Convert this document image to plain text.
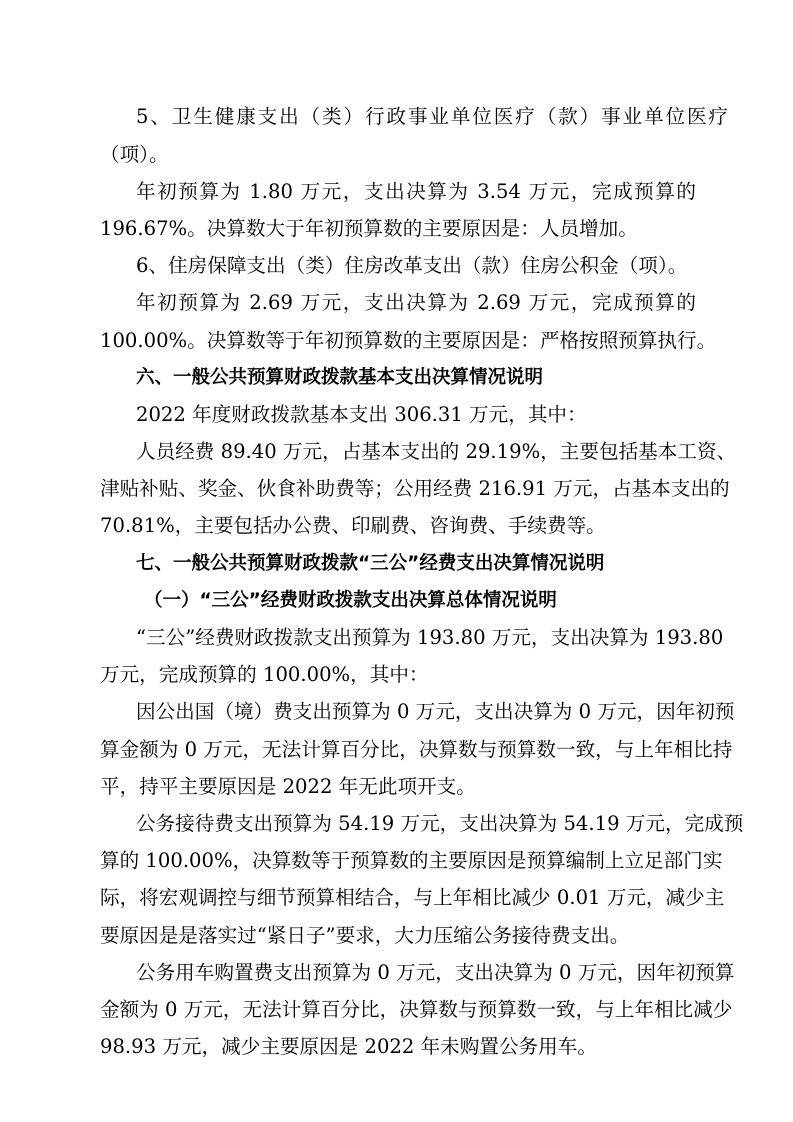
5、卫生健康支出（类）行政事业单位医疗（款）事业单位医疗
（项）。
年初预算为 1.80 万元，支出决算为 3.54 万元，完成预算的
196.67%。决算数大于年初预算数的主要原因是：人员增加。
6、住房保障支出（类）住房改革支出（款）住房公积金（项）。
年初预算为 2.69 万元，支出决算为 2.69 万元，完成预算的
100.00%。决算数等于年初预算数的主要原因是：严格按照预算执行。
六、一般公共预算财政拨款基本支出决算情况说明
2022 年度财政拨款基本支出 306.31 万元，其中：
人员经费 89.40 万元，占基本支出的 29.19%，主要包括基本工资、
津贴补贴、奖金、伙食补助费等；公用经费 216.91 万元，占基本支出的
70.81%，主要包括办公费、印刷费、咨询费、手续费等。
七、一般公共预算财政拨款“三公”经费支出决算情况说明
（一）“三公”经费财政拨款支出决算总体情况说明
“三公”经费财政拨款支出预算为 193.80 万元，支出决算为 193.80
万元，完成预算的 100.00%，其中：
因公出国（境）费支出预算为 0 万元，支出决算为 0 万元，因年初预
算金额为 0 万元，无法计算百分比，决算数与预算数一致，与上年相比持
平，持平主要原因是 2022 年无此项开支。
公务接待费支出预算为 54.19 万元，支出决算为 54.19 万元，完成预
算的 100.00%，决算数等于预算数的主要原因是预算编制上立足部门实
际，将宏观调控与细节预算相结合，与上年相比减少 0.01 万元，减少主
要原因是是落实过“紧日子”要求，大力压缩公务接待费支出。
公务用车购置费支出预算为 0 万元，支出决算为 0 万元，因年初预算
金额为 0 万元，无法计算百分比，决算数与预算数一致，与上年相比减少
98.93 万元，减少主要原因是 2022 年未购置公务用车。
